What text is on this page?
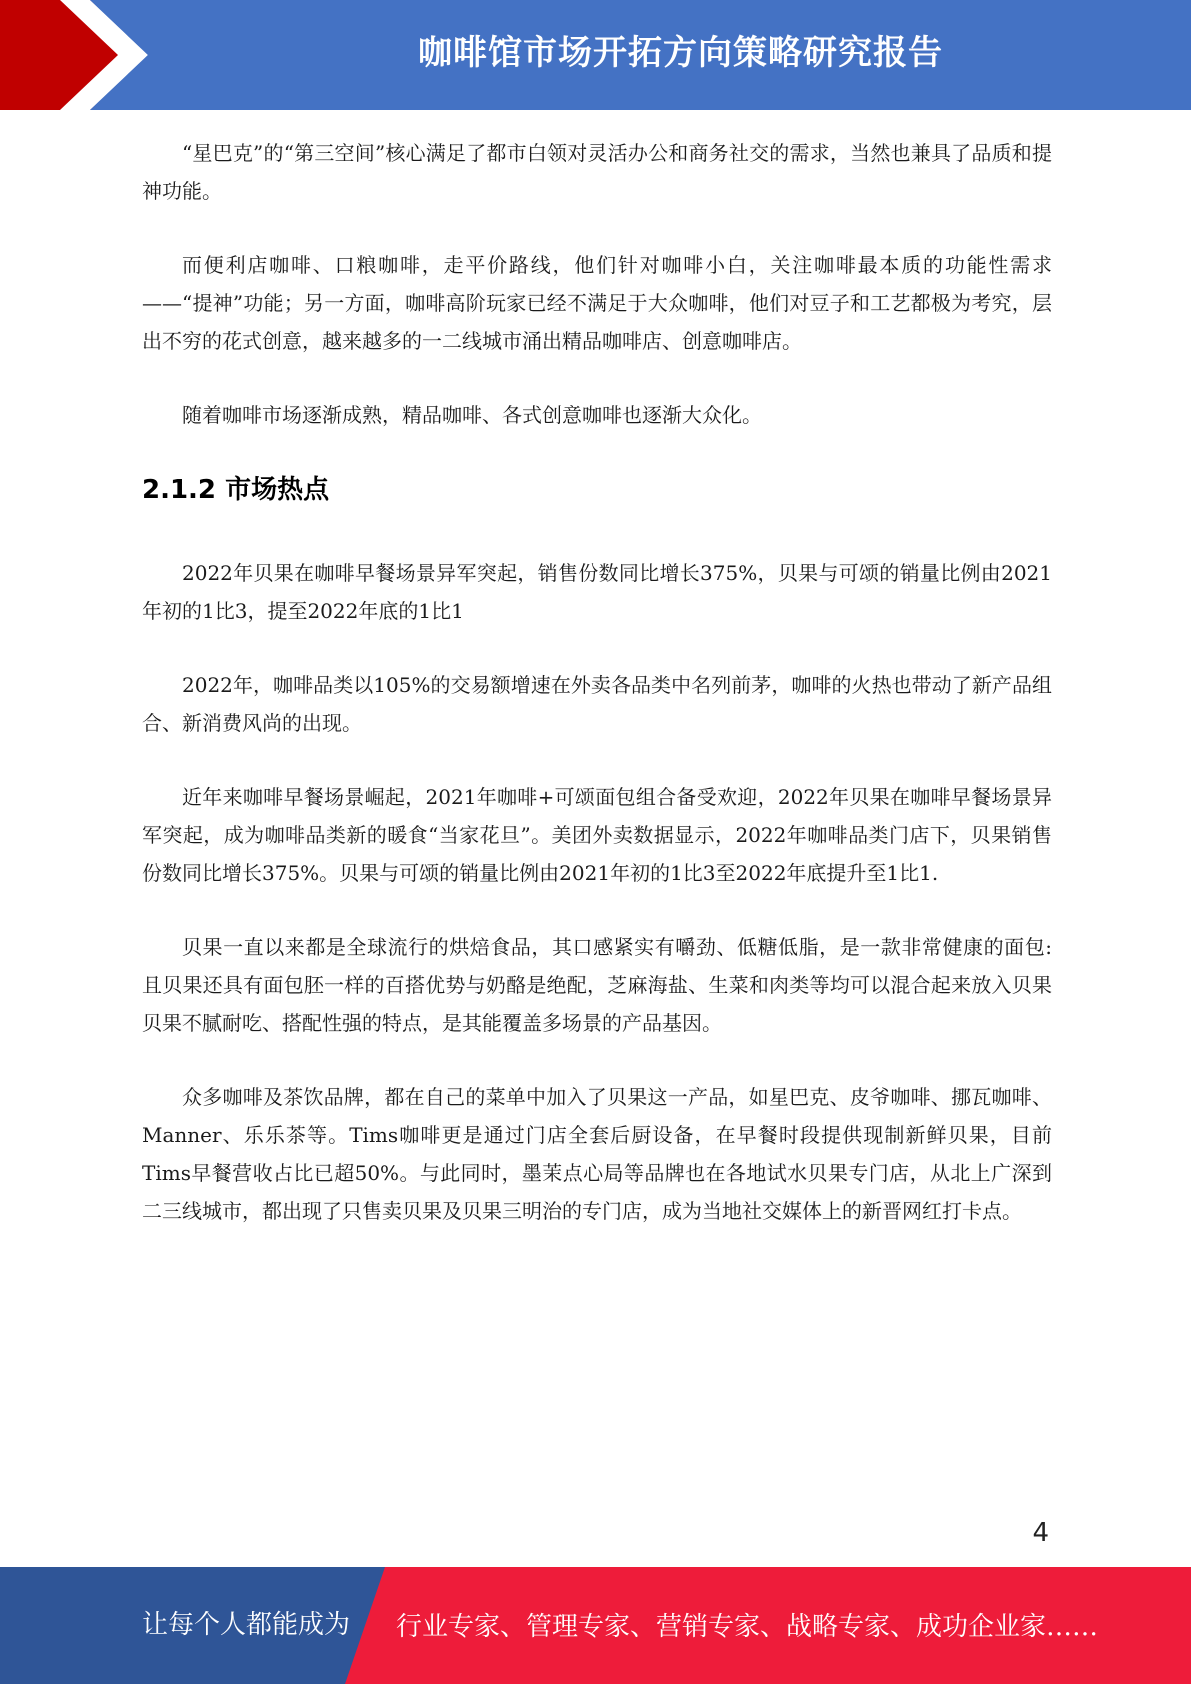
咖啡馆市场开拓方向策略研究报告

“星巴克”的“第三空间”核心满足了都市白领对灵活办公和商务社交的需求，当然也兼具了品质和提神功能。

而便利店咖啡、口粮咖啡，走平价路线，他们针对咖啡小白，关注咖啡最本质的功能性需求——“提神”功能；另一方面，咖啡高阶玩家已经不满足于大众咖啡，他们对豆子和工艺都极为考究，层出不穷的花式创意，越来越多的一二线城市涌出精品咖啡店、创意咖啡店。

随着咖啡市场逐渐成熟，精品咖啡、各式创意咖啡也逐渐大众化。

2.1.2 市场热点

2022年贝果在咖啡早餐场景异军突起，销售份数同比增长375%，贝果与可颂的销量比例由2021年初的1比3，提至2022年底的1比1

2022年，咖啡品类以105%的交易额增速在外卖各品类中名列前茅，咖啡的火热也带动了新产品组合、新消费风尚的出现。

近年来咖啡早餐场景崛起，2021年咖啡+可颂面包组合备受欢迎，2022年贝果在咖啡早餐场景异军突起，成为咖啡品类新的暖食“当家花旦”。美团外卖数据显示，2022年咖啡品类门店下，贝果销售份数同比增长375%。贝果与可颂的销量比例由2021年初的1比3至2022年底提升至1比1.

贝果一直以来都是全球流行的烘焙食品，其口感紧实有嚼劲、低糖低脂，是一款非常健康的面包: 且贝果还具有面包胚一样的百搭优势与奶酪是绝配，芝麻海盐、生菜和肉类等均可以混合起来放入贝果贝果不腻耐吃、搭配性强的特点，是其能覆盖多场景的产品基因。

众多咖啡及茶饮品牌，都在自己的菜单中加入了贝果这一产品，如星巴克、皮爷咖啡、挪瓦咖啡、Manner、乐乐茶等。Tims咖啡更是通过门店全套后厨设备，在早餐时段提供现制新鲜贝果，目前Tims早餐营收占比已超50%。与此同时，墨茉点心局等品牌也在各地试水贝果专门店，从北上广深到二三线城市，都出现了只售卖贝果及贝果三明治的专门店，成为当地社交媒体上的新晋网红打卡点。

4
让每个人都能成为 行业专家、管理专家、营销专家、战略专家、成功企业家……
